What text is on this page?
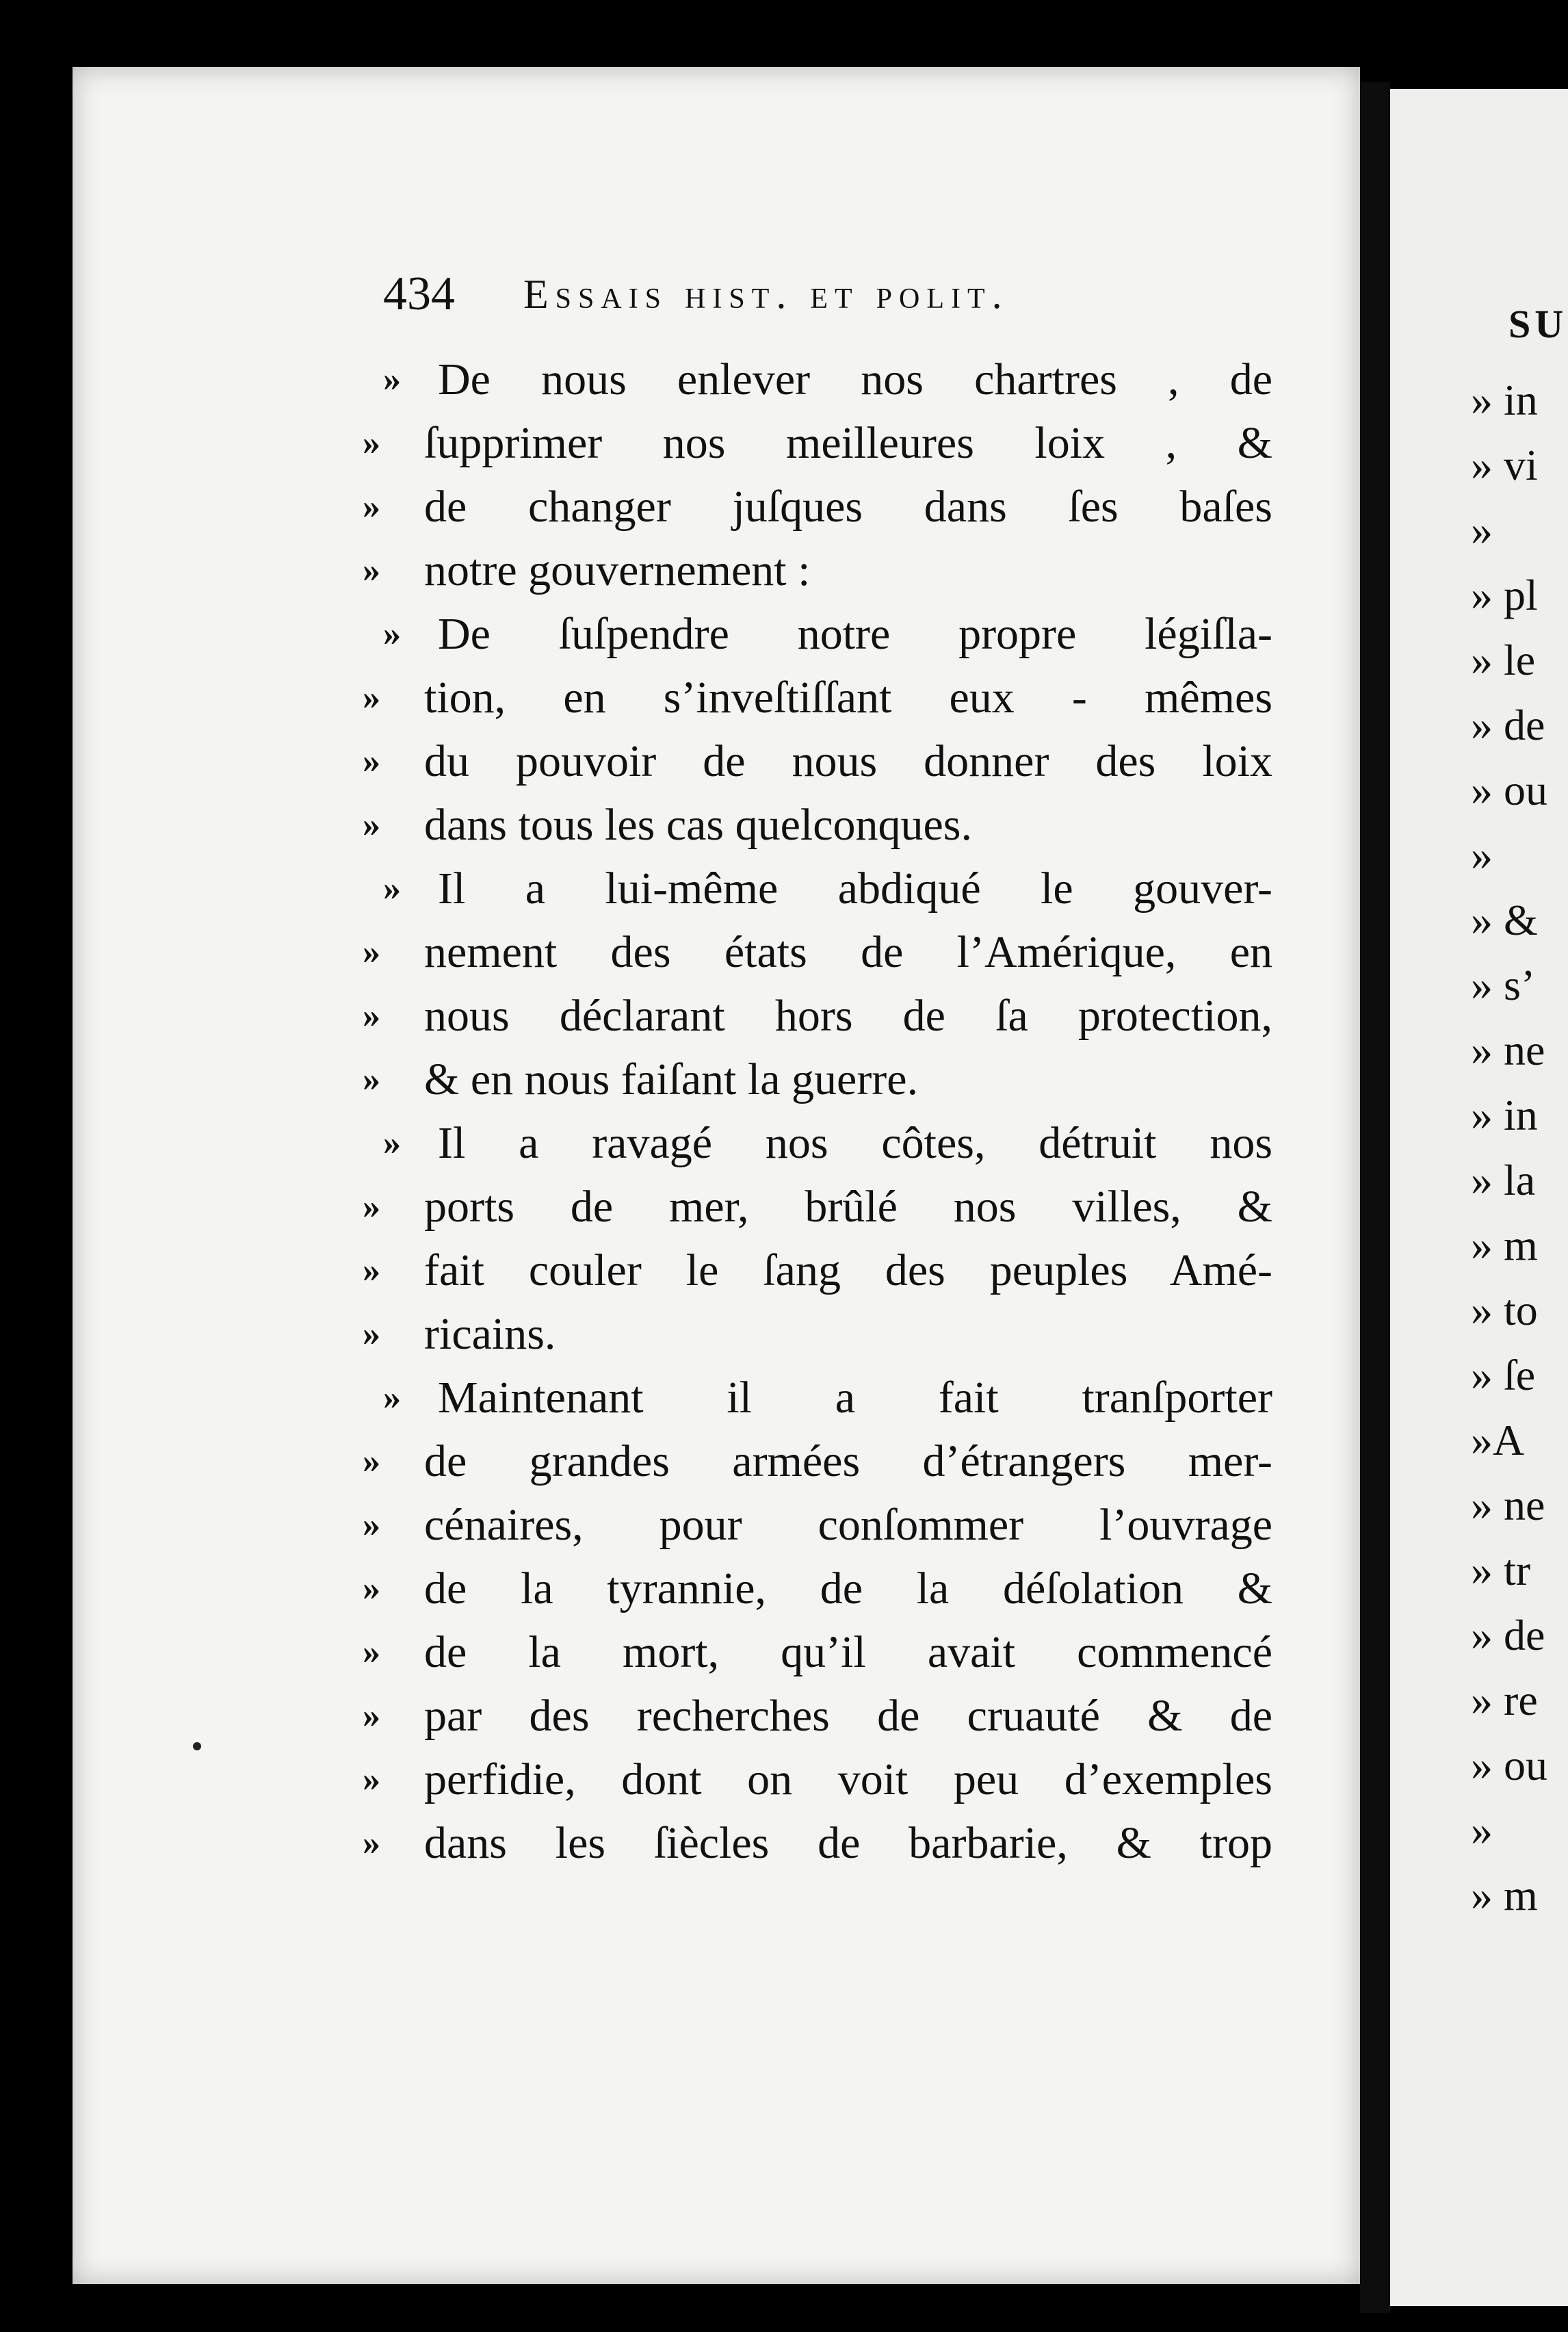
434 Essais hist. et polit.
» De nous enlever nos chartres , de
» ſupprimer nos meilleures loix , &
» de changer juſques dans ſes baſes
» notre gouvernement :
» De ſuſpendre notre propre légiſla-
» tion, en s’inveſtiſſant eux - mêmes
» du pouvoir de nous donner des loix
» dans tous les cas quelconques.
» Il a lui-même abdiqué le gouver-
» nement des états de l’Amérique, en
» nous déclarant hors de ſa protection,
» & en nous faiſant la guerre.
» Il a ravagé nos côtes, détruit nos
» ports de mer, brûlé nos villes, &
» fait couler le ſang des peuples Amé-
» ricains.
» Maintenant il a fait tranſporter
» de grandes armées d’étrangers mer-
» cénaires, pour conſommer l’ouvrage
» de la tyrannie, de la déſolation &
» de la mort, qu’il avait commencé
» par des recherches de cruauté & de
» perfidie, dont on voit peu d’exemples
» dans les ſiècles de barbarie, & trop
SU
» in
» vi
»
» pl
» le
» de
» ou
»
» &
» s’
» ne
» in
» la
» m
» to
» ſe
»A
» ne
» tr
» de
» re
» ou
»
» m
